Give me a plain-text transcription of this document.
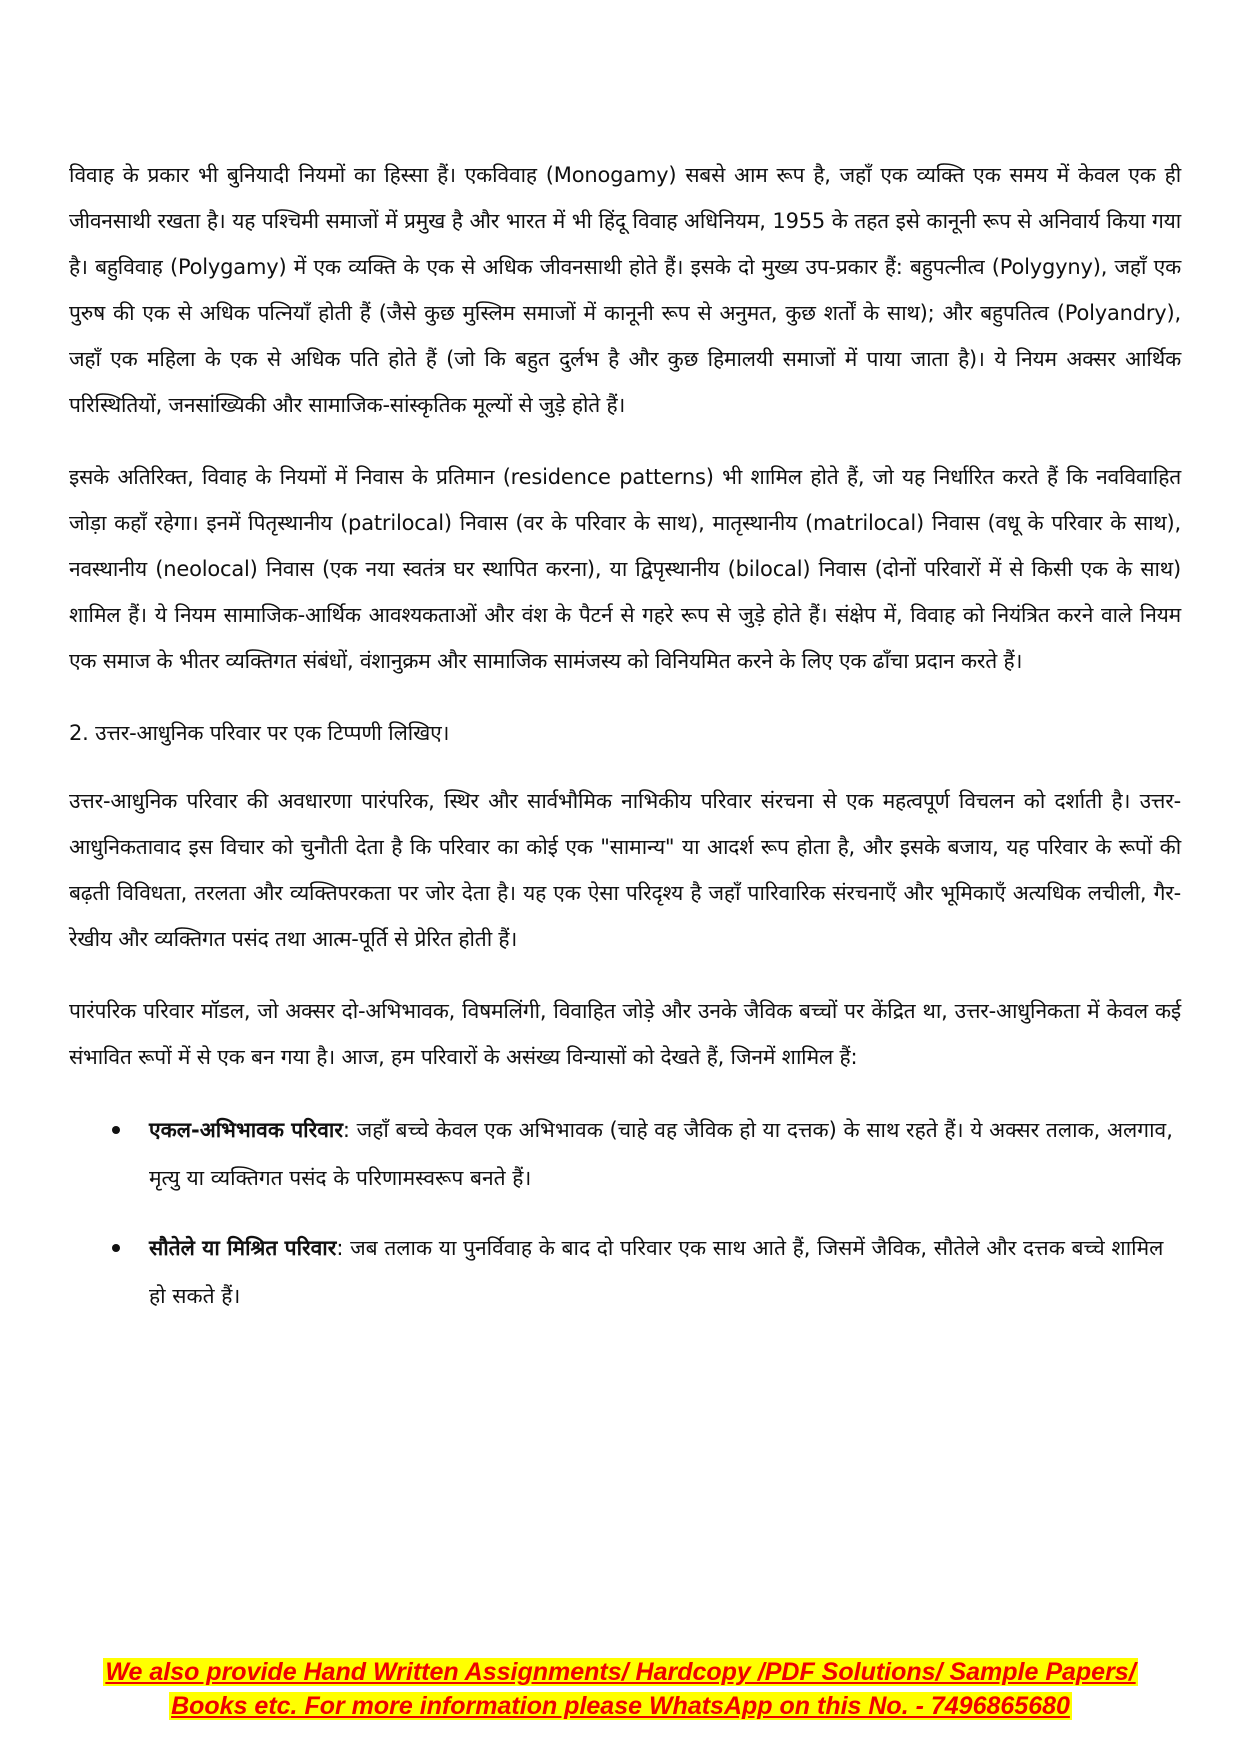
विवाह के प्रकार भी बुनियादी नियमों का हिस्सा हैं। एकविवाह (Monogamy) सबसे आम रूप है, जहाँ एक व्यक्ति एक समय में केवल एक ही जीवनसाथी रखता है। यह पश्चिमी समाजों में प्रमुख है और भारत में भी हिंदू विवाह अधिनियम, 1955 के तहत इसे कानूनी रूप से अनिवार्य किया गया है। बहुविवाह (Polygamy) में एक व्यक्ति के एक से अधिक जीवनसाथी होते हैं। इसके दो मुख्य उप-प्रकार हैं: बहुपत्नीत्व (Polygyny), जहाँ एक पुरुष की एक से अधिक पत्नियाँ होती हैं (जैसे कुछ मुस्लिम समाजों में कानूनी रूप से अनुमत, कुछ शर्तों के साथ); और बहुपतित्व (Polyandry), जहाँ एक महिला के एक से अधिक पति होते हैं (जो कि बहुत दुर्लभ है और कुछ हिमालयी समाजों में पाया जाता है)। ये नियम अक्सर आर्थिक परिस्थितियों, जनसांख्यिकी और सामाजिक-सांस्कृतिक मूल्यों से जुड़े होते हैं।

इसके अतिरिक्त, विवाह के नियमों में निवास के प्रतिमान (residence patterns) भी शामिल होते हैं, जो यह निर्धारित करते हैं कि नवविवाहित जोड़ा कहाँ रहेगा। इनमें पितृस्थानीय (patrilocal) निवास (वर के परिवार के साथ), मातृस्थानीय (matrilocal) निवास (वधू के परिवार के साथ), नवस्थानीय (neolocal) निवास (एक नया स्वतंत्र घर स्थापित करना), या द्विपृस्थानीय (bilocal) निवास (दोनों परिवारों में से किसी एक के साथ) शामिल हैं। ये नियम सामाजिक-आर्थिक आवश्यकताओं और वंश के पैटर्न से गहरे रूप से जुड़े होते हैं। संक्षेप में, विवाह को नियंत्रित करने वाले नियम एक समाज के भीतर व्यक्तिगत संबंधों, वंशानुक्रम और सामाजिक सामंजस्य को विनियमित करने के लिए एक ढाँचा प्रदान करते हैं।

2. उत्तर-आधुनिक परिवार पर एक टिप्पणी लिखिए।

उत्तर-आधुनिक परिवार की अवधारणा पारंपरिक, स्थिर और सार्वभौमिक नाभिकीय परिवार संरचना से एक महत्वपूर्ण विचलन को दर्शाती है। उत्तर-आधुनिकतावाद इस विचार को चुनौती देता है कि परिवार का कोई एक "सामान्य" या आदर्श रूप होता है, और इसके बजाय, यह परिवार के रूपों की बढ़ती विविधता, तरलता और व्यक्तिपरकता पर जोर देता है। यह एक ऐसा परिदृश्य है जहाँ पारिवारिक संरचनाएँ और भूमिकाएँ अत्यधिक लचीली, गैर-रेखीय और व्यक्तिगत पसंद तथा आत्म-पूर्ति से प्रेरित होती हैं।

पारंपरिक परिवार मॉडल, जो अक्सर दो-अभिभावक, विषमलिंगी, विवाहित जोड़े और उनके जैविक बच्चों पर केंद्रित था, उत्तर-आधुनिकता में केवल कई संभावित रूपों में से एक बन गया है। आज, हम परिवारों के असंख्य विन्यासों को देखते हैं, जिनमें शामिल हैं:

एकल-अभिभावक परिवार: जहाँ बच्चे केवल एक अभिभावक (चाहे वह जैविक हो या दत्तक) के साथ रहते हैं। ये अक्सर तलाक, अलगाव, मृत्यु या व्यक्तिगत पसंद के परिणामस्वरूप बनते हैं।
सौतेले या मिश्रित परिवार: जब तलाक या पुनर्विवाह के बाद दो परिवार एक साथ आते हैं, जिसमें जैविक, सौतेले और दत्तक बच्चे शामिल हो सकते हैं।
We also provide Hand Written Assignments/ Hardcopy /PDF Solutions/ Sample Papers/
Books etc. For more information please WhatsApp on this No. - 7496865680
